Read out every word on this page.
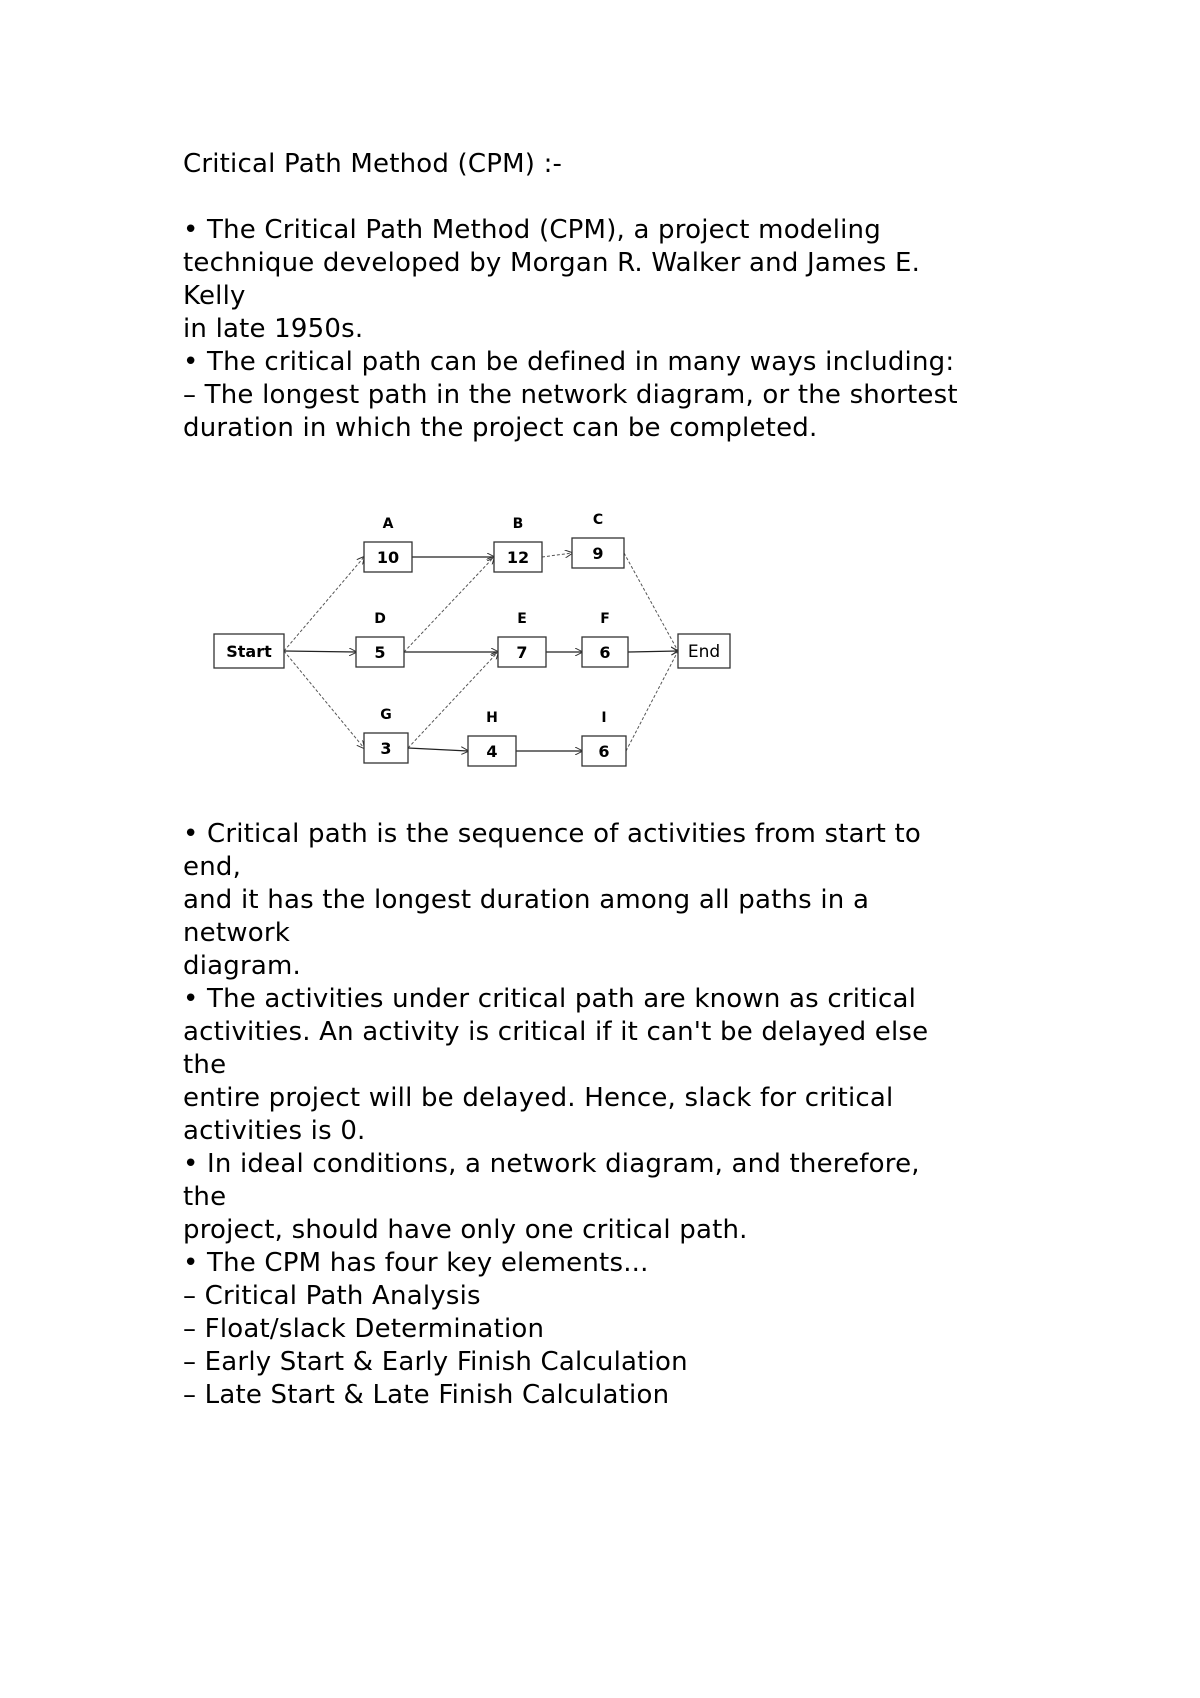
Critical Path Method (CPM) :-
• The Critical Path Method (CPM), a project modeling
technique developed by Morgan R. Walker and James E.
Kelly
in late 1950s.
• The critical path can be defined in many ways including:
– The longest path in the network diagram, or the shortest
duration in which the project can be completed.
Start	End
10
A
12
B
9
C
5
D
7
E
6
F
3
G
4
H
6
I
• Critical path is the sequence of activities from start to
end,
and it has the longest duration among all paths in a
network
diagram.
• The activities under critical path are known as critical
activities. An activity is critical if it can't be delayed else
the
entire project will be delayed. Hence, slack for critical
activities is 0.
• In ideal conditions, a network diagram, and therefore,
the
project, should have only one critical path.
• The CPM has four key elements...
– Critical Path Analysis
– Float/slack Determination
– Early Start & Early Finish Calculation
– Late Start & Late Finish Calculation
